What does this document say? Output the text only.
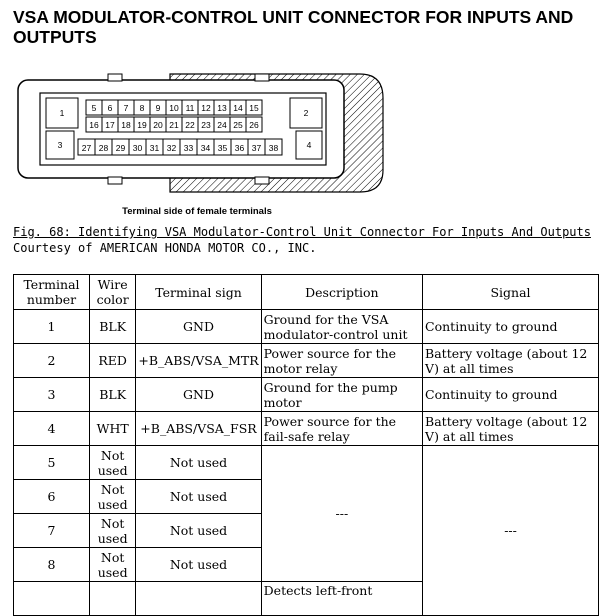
VSA MODULATOR-CONTROL UNIT CONNECTOR FOR INPUTS AND OUTPUTS
1
3
2
4
5 6 7 8 9 10 11 12 13 14 15
16 17 18 19 20 21 22 23 24 25 26
27 28 29 30 31 32 33 34 35 36 37 38
Terminal side of female terminals
Fig. 68: Identifying VSA Modulator-Control Unit Connector For Inputs And Outputs
Courtesy of AMERICAN HONDA MOTOR CO., INC.
Terminal number	Wire color	Terminal sign	Description	Signal
1	BLK	GND	Ground for the VSA modulator-control unit	Continuity to ground
2	RED	+B_ABS/VSA_MTR	Power source for the motor relay	Battery voltage (about 12 V) at all times
3	BLK	GND	Ground for the pump motor	Continuity to ground
4	WHT	+B_ABS/VSA_FSR	Power source for the fail-safe relay	Battery voltage (about 12 V) at all times
5	Not used	Not used	---	---
6	Not used	Not used		
7	Not used	Not used		
8	Not used	Not used		
			Detects left-front	
